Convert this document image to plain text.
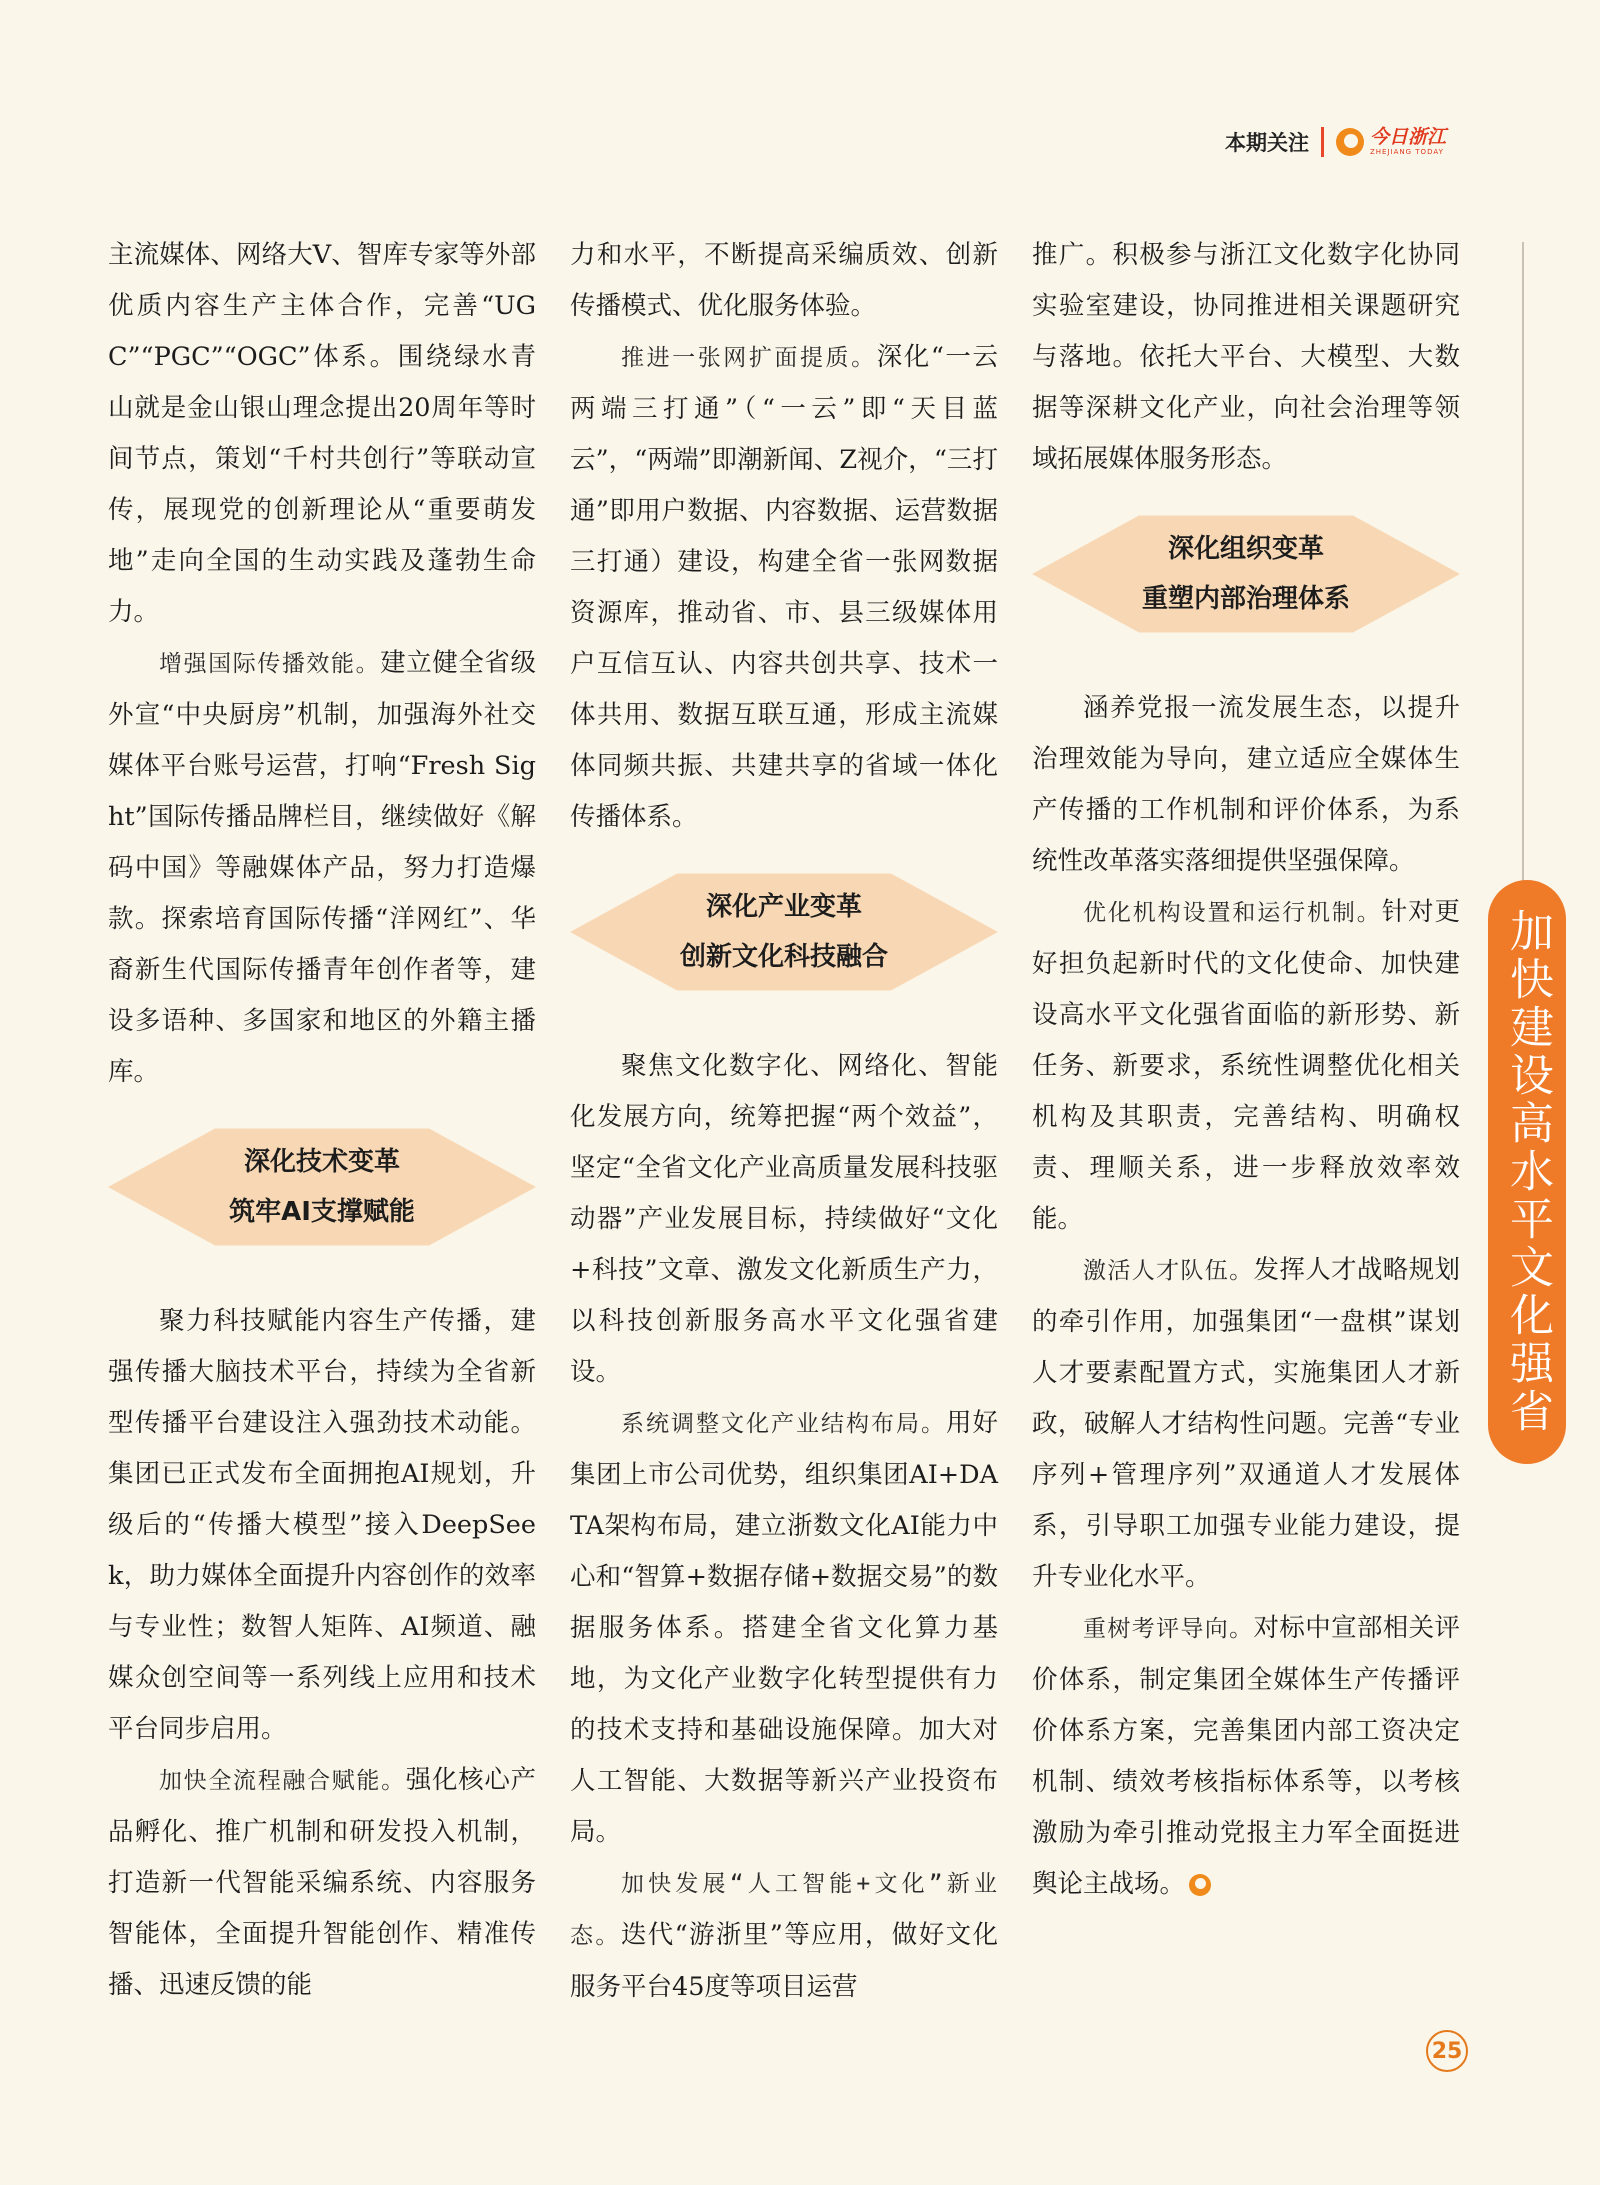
本期关注	今日浙江
ZHEJIANG TODAY

主流媒体、网络大V、智库专家等外部优质内容生产主体合作，完善“UGC”“PGC”“OGC”体系。围绕绿水青山就是金山银山理念提出20周年等时间节点，策划“千村共创行”等联动宣传，展现党的创新理论从“重要萌发地”走向全国的生动实践及蓬勃生命力。

增强国际传播效能。建立健全省级外宣“中央厨房”机制，加强海外社交媒体平台账号运营，打响“Fresh Sight”国际传播品牌栏目，继续做好《解码中国》等融媒体产品，努力打造爆款。探索培育国际传播“洋网红”、华裔新生代国际传播青年创作者等，建设多语种、多国家和地区的外籍主播库。

深化技术变革
筑牢AI支撑赋能

聚力科技赋能内容生产传播，建强传播大脑技术平台，持续为全省新型传播平台建设注入强劲技术动能。集团已正式发布全面拥抱AI规划，升级后的“传播大模型”接入DeepSeek，助力媒体全面提升内容创作的效率与专业性；数智人矩阵、AI频道、融媒众创空间等一系列线上应用和技术平台同步启用。

加快全流程融合赋能。强化核心产品孵化、推广机制和研发投入机制，打造新一代智能采编系统、内容服务智能体，全面提升智能创作、精准传播、迅速反馈的能

力和水平，不断提高采编质效、创新传播模式、优化服务体验。

推进一张网扩面提质。深化“一云两端三打通”（“一云”即“天目蓝云”，“两端”即潮新闻、Z视介，“三打通”即用户数据、内容数据、运营数据三打通）建设，构建全省一张网数据资源库，推动省、市、县三级媒体用户互信互认、内容共创共享、技术一体共用、数据互联互通，形成主流媒体同频共振、共建共享的省域一体化传播体系。

深化产业变革
创新文化科技融合

聚焦文化数字化、网络化、智能化发展方向，统筹把握“两个效益”，坚定“全省文化产业高质量发展科技驱动器”产业发展目标，持续做好“文化+科技”文章、激发文化新质生产力，以科技创新服务高水平文化强省建设。

系统调整文化产业结构布局。用好集团上市公司优势，组织集团AI+DATA架构布局，建立浙数文化AI能力中心和“智算+数据存储+数据交易”的数据服务体系。搭建全省文化算力基地，为文化产业数字化转型提供有力的技术支持和基础设施保障。加大对人工智能、大数据等新兴产业投资布局。

加快发展“人工智能+文化”新业态。迭代“游浙里”等应用，做好文化服务平台45度等项目运营

推广。积极参与浙江文化数字化协同实验室建设，协同推进相关课题研究与落地。依托大平台、大模型、大数据等深耕文化产业，向社会治理等领域拓展媒体服务形态。

深化组织变革
重塑内部治理体系

涵养党报一流发展生态，以提升治理效能为导向，建立适应全媒体生产传播的工作机制和评价体系，为系统性改革落实落细提供坚强保障。

优化机构设置和运行机制。针对更好担负起新时代的文化使命、加快建设高水平文化强省面临的新形势、新任务、新要求，系统性调整优化相关机构及其职责，完善结构、明确权责、理顺关系，进一步释放效率效能。

激活人才队伍。发挥人才战略规划的牵引作用，加强集团“一盘棋”谋划人才要素配置方式，实施集团人才新政，破解人才结构性问题。完善“专业序列+管理序列”双通道人才发展体系，引导职工加强专业能力建设，提升专业化水平。

重树考评导向。对标中宣部相关评价体系，制定集团全媒体生产传播评价体系方案，完善集团内部工资决定机制、绩效考核指标体系等，以考核激励为牵引推动党报主力军全面挺进舆论主战场。

加快建设高水平文化强省
25
